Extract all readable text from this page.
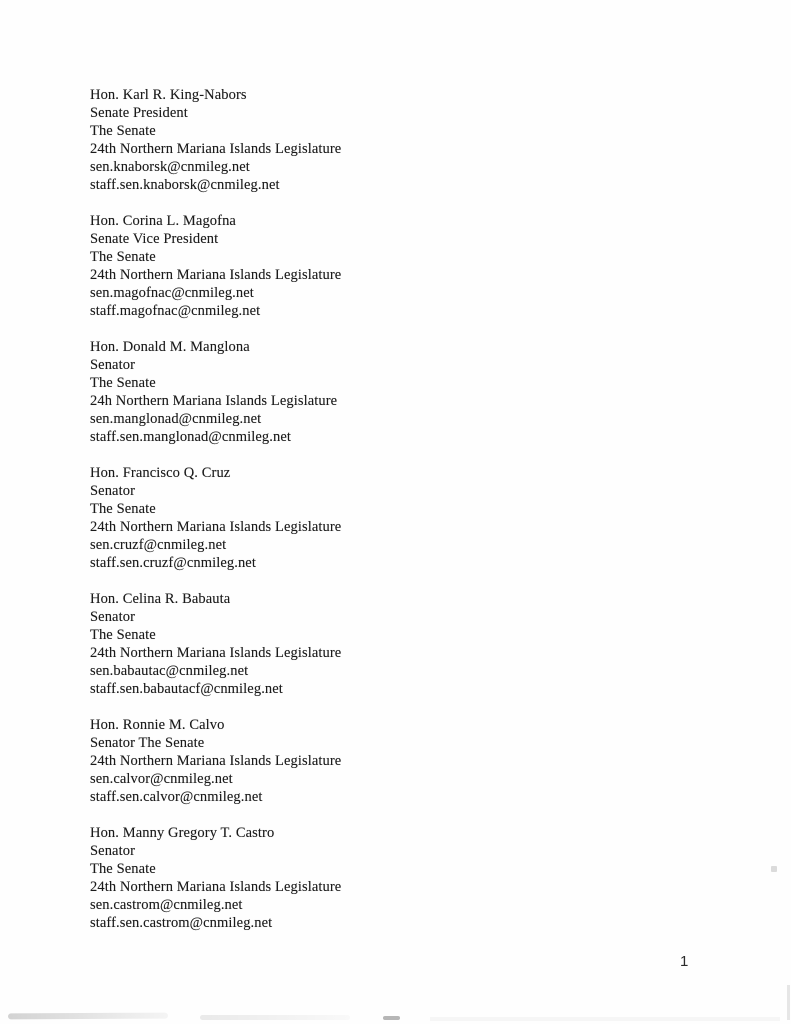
Hon. Karl R. King-Nabors
Senate President
The Senate
24th Northern Mariana Islands Legislature
sen.knaborsk@cnmileg.net
staff.sen.knaborsk@cnmileg.net
Hon. Corina L. Magofna
Senate Vice President
The Senate
24th Northern Mariana Islands Legislature
sen.magofnac@cnmileg.net
staff.magofnac@cnmileg.net
Hon. Donald M. Manglona
Senator
The Senate
24h Northern Mariana Islands Legislature
sen.manglonad@cnmileg.net
staff.sen.manglonad@cnmileg.net
Hon. Francisco Q. Cruz
Senator
The Senate
24th Northern Mariana Islands Legislature
sen.cruzf@cnmileg.net
staff.sen.cruzf@cnmileg.net
Hon. Celina R. Babauta
Senator
The Senate
24th Northern Mariana Islands Legislature
sen.babautac@cnmileg.net
staff.sen.babautacf@cnmileg.net
Hon. Ronnie M. Calvo
Senator The Senate
24th Northern Mariana Islands Legislature
sen.calvor@cnmileg.net
staff.sen.calvor@cnmileg.net
Hon. Manny Gregory T. Castro
Senator
The Senate
24th Northern Mariana Islands Legislature
sen.castrom@cnmileg.net
staff.sen.castrom@cnmileg.net
1
